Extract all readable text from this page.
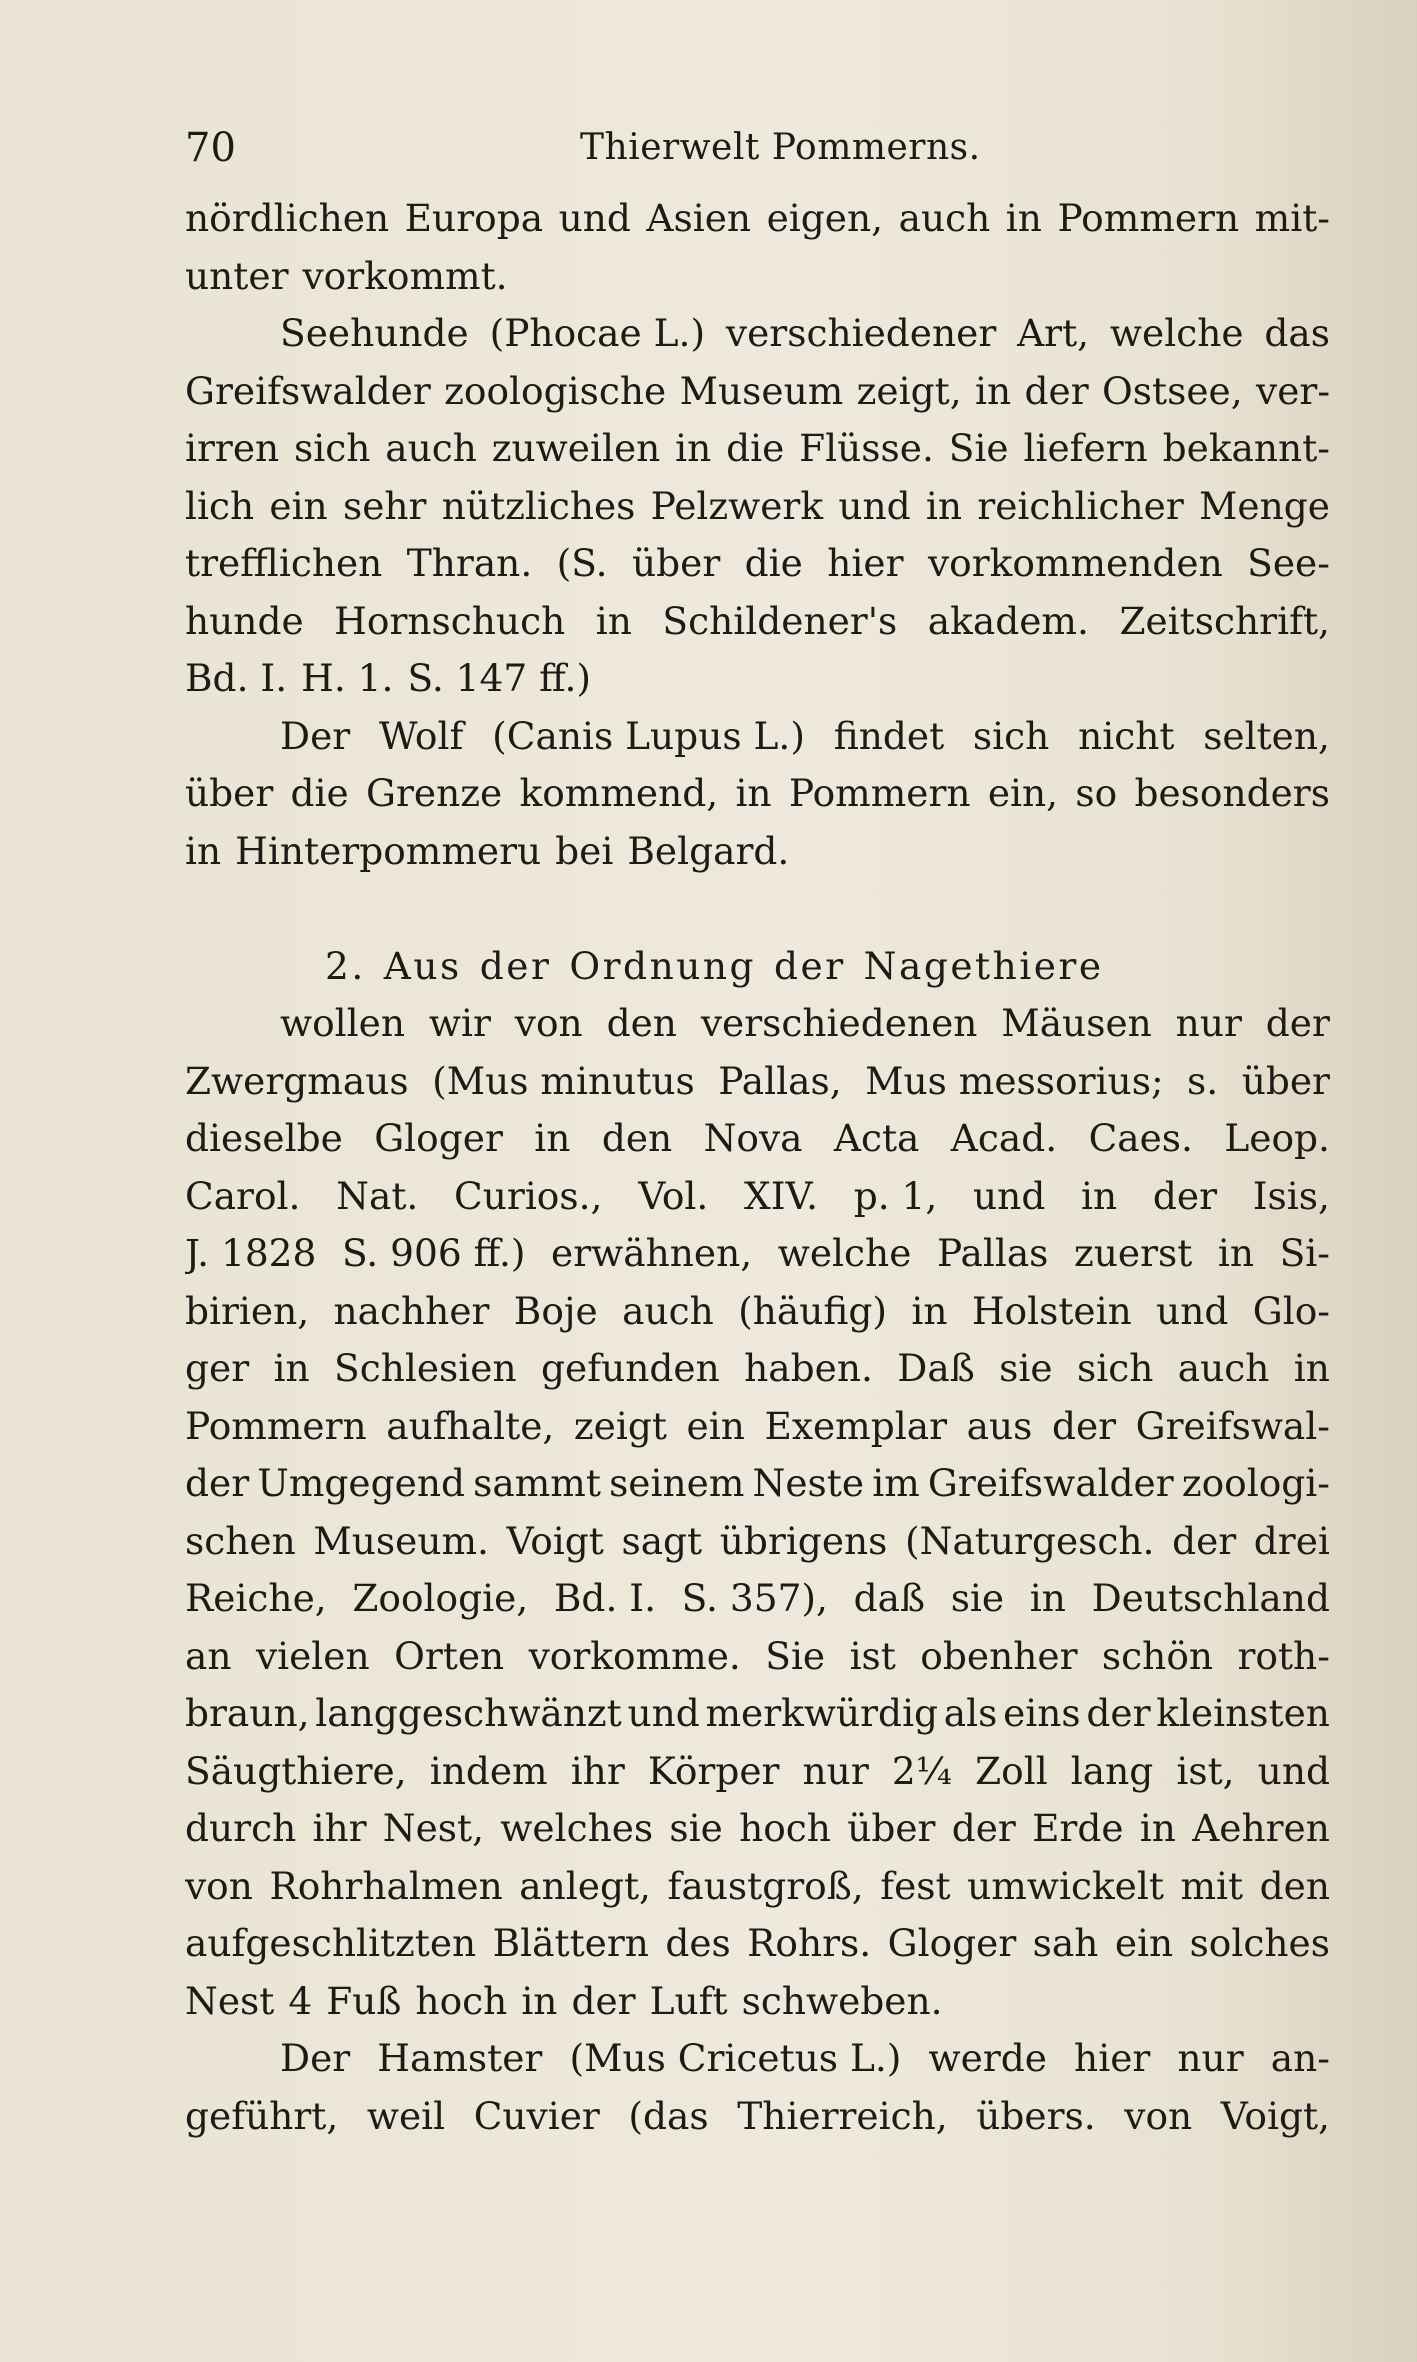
70	Thierwelt Pommerns.
nördlichen Europa und Asien eigen, auch in Pommern mit-
unter vorkommt.
Seehunde (Phocae L.) verschiedener Art, welche das
Greifswalder zoologische Museum zeigt, in der Ostsee, ver-
irren sich auch zuweilen in die Flüsse. Sie liefern bekannt-
lich ein sehr nützliches Pelzwerk und in reichlicher Menge
trefflichen Thran. (S. über die hier vorkommenden See-
hunde Hornschuch in Schildener's akadem. Zeitschrift,
Bd. I. H. 1. S. 147 ff.)
Der Wolf (Canis Lupus L.) findet sich nicht selten,
über die Grenze kommend, in Pommern ein, so besonders
in Hinterpommeru bei Belgard.
2. Aus der Ordnung der Nagethiere
wollen wir von den verschiedenen Mäusen nur der
Zwergmaus (Mus minutus Pallas, Mus messorius; s. über
dieselbe Gloger in den Nova Acta Acad. Caes. Leop.
Carol. Nat. Curios., Vol. XIV. p. 1, und in der Isis,
J. 1828 S. 906 ff.) erwähnen, welche Pallas zuerst in Si-
birien, nachher Boje auch (häufig) in Holstein und Glo-
ger in Schlesien gefunden haben. Daß sie sich auch in
Pommern aufhalte, zeigt ein Exemplar aus der Greifswal-
der Umgegend sammt seinem Neste im Greifswalder zoologi-
schen Museum. Voigt sagt übrigens (Naturgesch. der drei
Reiche, Zoologie, Bd. I. S. 357), daß sie in Deutschland
an vielen Orten vorkomme. Sie ist obenher schön roth-
braun, langgeschwänzt und merkwürdig als eins der kleinsten
Säugthiere, indem ihr Körper nur 2¼ Zoll lang ist, und
durch ihr Nest, welches sie hoch über der Erde in Aehren
von Rohrhalmen anlegt, faustgroß, fest umwickelt mit den
aufgeschlitzten Blättern des Rohrs. Gloger sah ein solches
Nest 4 Fuß hoch in der Luft schweben.
Der Hamster (Mus Cricetus L.) werde hier nur an-
geführt, weil Cuvier (das Thierreich, übers. von Voigt,
